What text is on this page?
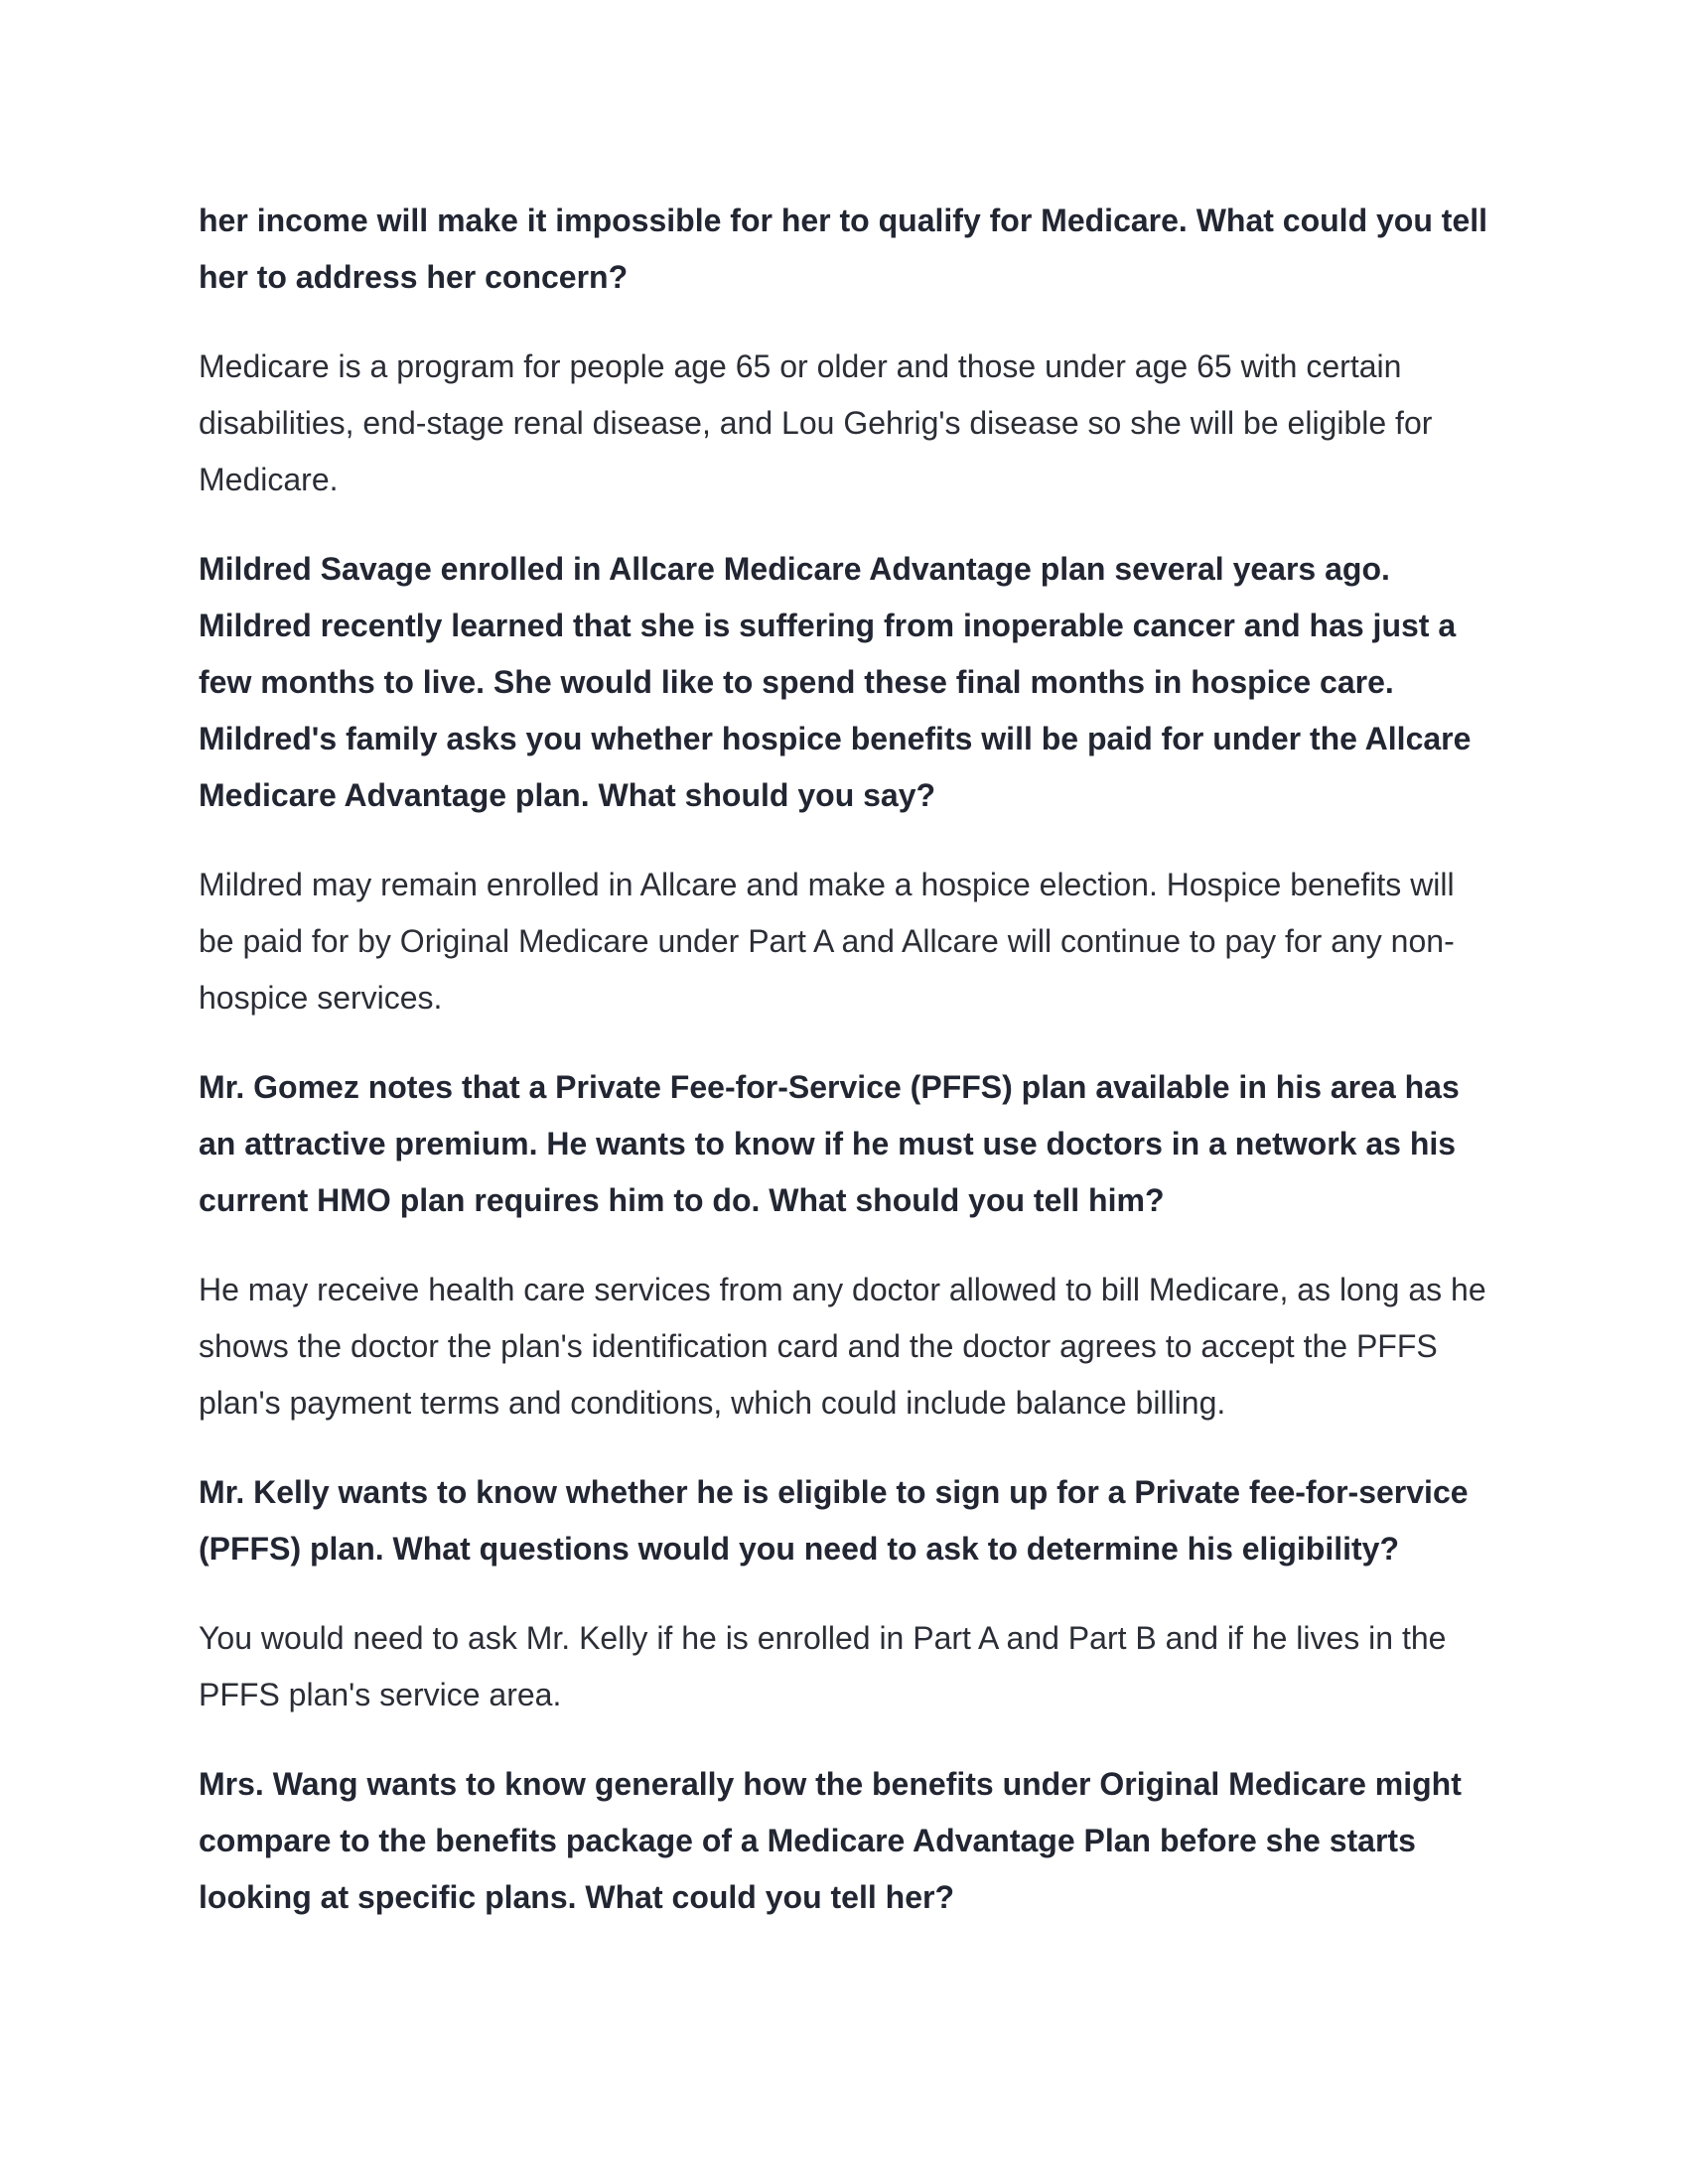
her income will make it impossible for her to qualify for Medicare. What could you tell her to address her concern?

Medicare is a program for people age 65 or older and those under age 65 with certain disabilities, end-stage renal disease, and Lou Gehrig's disease so she will be eligible for Medicare.

Mildred Savage enrolled in Allcare Medicare Advantage plan several years ago. Mildred recently learned that she is suffering from inoperable cancer and has just a few months to live. She would like to spend these final months in hospice care. Mildred's family asks you whether hospice benefits will be paid for under the Allcare Medicare Advantage plan. What should you say?

Mildred may remain enrolled in Allcare and make a hospice election. Hospice benefits will be paid for by Original Medicare under Part A and Allcare will continue to pay for any non-hospice services.

Mr. Gomez notes that a Private Fee-for-Service (PFFS) plan available in his area has an attractive premium. He wants to know if he must use doctors in a network as his current HMO plan requires him to do. What should you tell him?

He may receive health care services from any doctor allowed to bill Medicare, as long as he shows the doctor the plan's identification card and the doctor agrees to accept the PFFS plan's payment terms and conditions, which could include balance billing.

Mr. Kelly wants to know whether he is eligible to sign up for a Private fee-for-service (PFFS) plan. What questions would you need to ask to determine his eligibility?

You would need to ask Mr. Kelly if he is enrolled in Part A and Part B and if he lives in the PFFS plan's service area.

Mrs. Wang wants to know generally how the benefits under Original Medicare might compare to the benefits package of a Medicare Advantage Plan before she starts looking at specific plans. What could you tell her?
